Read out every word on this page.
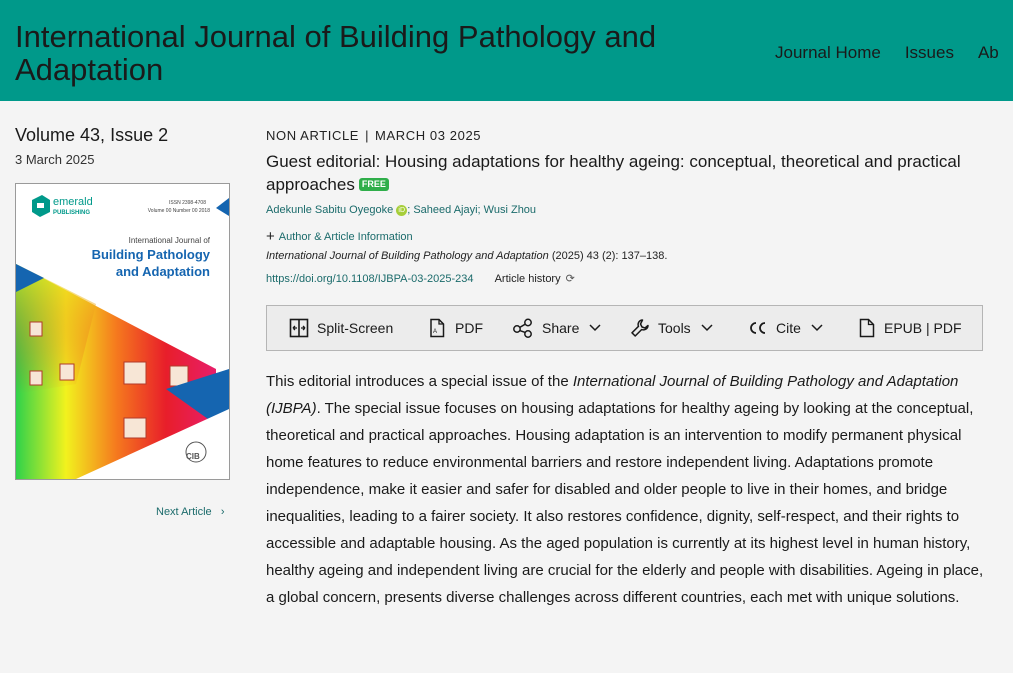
International Journal of Building Pathology and Adaptation	Journal Home Issues Ab
Volume 43, Issue 2
3 March 2025
emerald
PUBLISHING
ISSN 2398-4708
Volume 00 Number 00 2018
International Journal of
Building Pathology
and Adaptation
CIB
Next Article   ›
NON ARTICLE | MARCH 03 2025
Guest editorial: Housing adaptations for healthy ageing: conceptual, theoretical and practical approaches FREE
Adekunle Sabitu Oyegoke iD ; Saheed Ajayi; Wusi Zhou
+ Author & Article Information
International Journal of Building Pathology and Adaptation (2025) 43 (2): 137–138.
https://doi.org/10.1108/IJBPA-03-2025-234 Article history ⟳
Split-Screen	A PDF	Share	Tools	Cite	EPUB | PDF

This editorial introduces a special issue of the International Journal of Building Pathology and Adaptation (IJBPA). The special issue focuses on housing adaptations for healthy ageing by looking at the conceptual, theoretical and practical approaches. Housing adaptation is an intervention to modify permanent physical home features to reduce environmental barriers and restore independent living. Adaptations promote independence, make it easier and safer for disabled and older people to live in their homes, and bridge inequalities, leading to a fairer society. It also restores confidence, dignity, self-respect, and their rights to accessible and adaptable housing. As the aged population is currently at its highest level in human history, healthy ageing and independent living are crucial for the elderly and people with disabilities. Ageing in place, a global concern, presents diverse challenges across different countries, each met with unique solutions.
